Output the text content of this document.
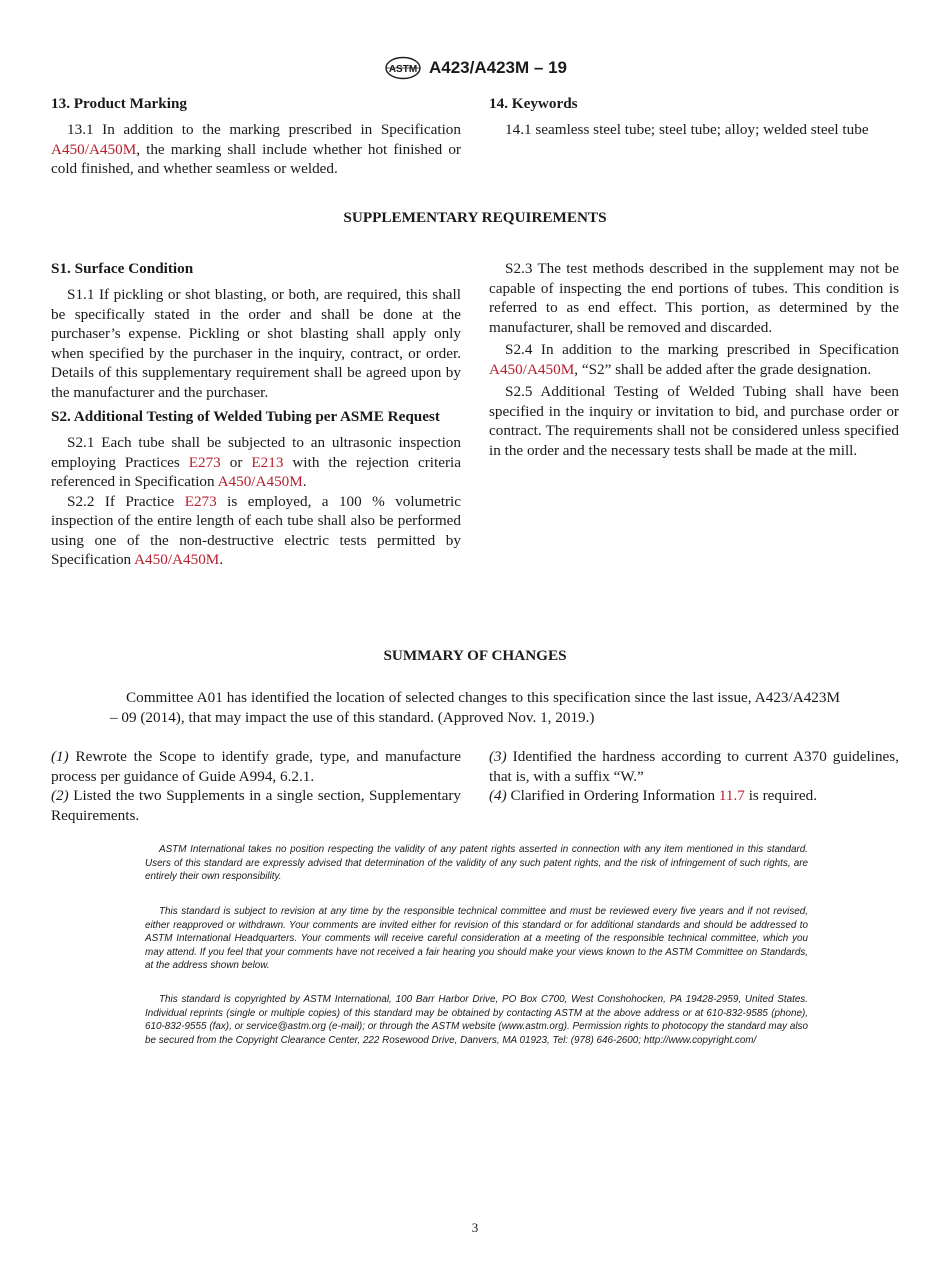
ASTM A423/A423M – 19
13. Product Marking

13.1 In addition to the marking prescribed in Specification A450/A450M, the marking shall include whether hot finished or cold finished, and whether seamless or welded.

14. Keywords

14.1 seamless steel tube; steel tube; alloy; welded steel tube

SUPPLEMENTARY REQUIREMENTS
S1. Surface Condition

S1.1 If pickling or shot blasting, or both, are required, this shall be specifically stated in the order and shall be done at the purchaser’s expense. Pickling or shot blasting shall apply only when specified by the purchaser in the inquiry, contract, or order. Details of this supplementary requirement shall be agreed upon by the manufacturer and the purchaser.

S2. Additional Testing of Welded Tubing per ASME Request

S2.1 Each tube shall be subjected to an ultrasonic inspection employing Practices E273 or E213 with the rejection criteria referenced in Specification A450/A450M.

S2.2 If Practice E273 is employed, a 100 % volumetric inspection of the entire length of each tube shall also be performed using one of the non-destructive electric tests permitted by Specification A450/A450M.

S2.3 The test methods described in the supplement may not be capable of inspecting the end portions of tubes. This condition is referred to as end effect. This portion, as determined by the manufacturer, shall be removed and discarded.

S2.4 In addition to the marking prescribed in Specification A450/A450M, “S2” shall be added after the grade designation.

S2.5 Additional Testing of Welded Tubing shall have been specified in the inquiry or invitation to bid, and purchase order or contract. The requirements shall not be considered unless specified in the order and the necessary tests shall be made at the mill.

SUMMARY OF CHANGES

Committee A01 has identified the location of selected changes to this specification since the last issue, A423/A423M – 09 (2014), that may impact the use of this standard. (Approved Nov. 1, 2019.)

(1) Rewrote the Scope to identify grade, type, and manufacture process per guidance of Guide A994, 6.2.1.

(2) Listed the two Supplements in a single section, Supplementary Requirements.

(3) Identified the hardness according to current A370 guidelines, that is, with a suffix “W.”

(4) Clarified in Ordering Information 11.7 is required.

ASTM International takes no position respecting the validity of any patent rights asserted in connection with any item mentioned in this standard. Users of this standard are expressly advised that determination of the validity of any such patent rights, and the risk of infringement of such rights, are entirely their own responsibility.
This standard is subject to revision at any time by the responsible technical committee and must be reviewed every five years and if not revised, either reapproved or withdrawn. Your comments are invited either for revision of this standard or for additional standards and should be addressed to ASTM International Headquarters. Your comments will receive careful consideration at a meeting of the responsible technical committee, which you may attend. If you feel that your comments have not received a fair hearing you should make your views known to the ASTM Committee on Standards, at the address shown below.
This standard is copyrighted by ASTM International, 100 Barr Harbor Drive, PO Box C700, West Conshohocken, PA 19428-2959, United States. Individual reprints (single or multiple copies) of this standard may be obtained by contacting ASTM at the above address or at 610-832-9585 (phone), 610-832-9555 (fax), or service@astm.org (e-mail); or through the ASTM website (www.astm.org). Permission rights to photocopy the standard may also be secured from the Copyright Clearance Center, 222 Rosewood Drive, Danvers, MA 01923, Tel: (978) 646-2600; http://www.copyright.com/
3
